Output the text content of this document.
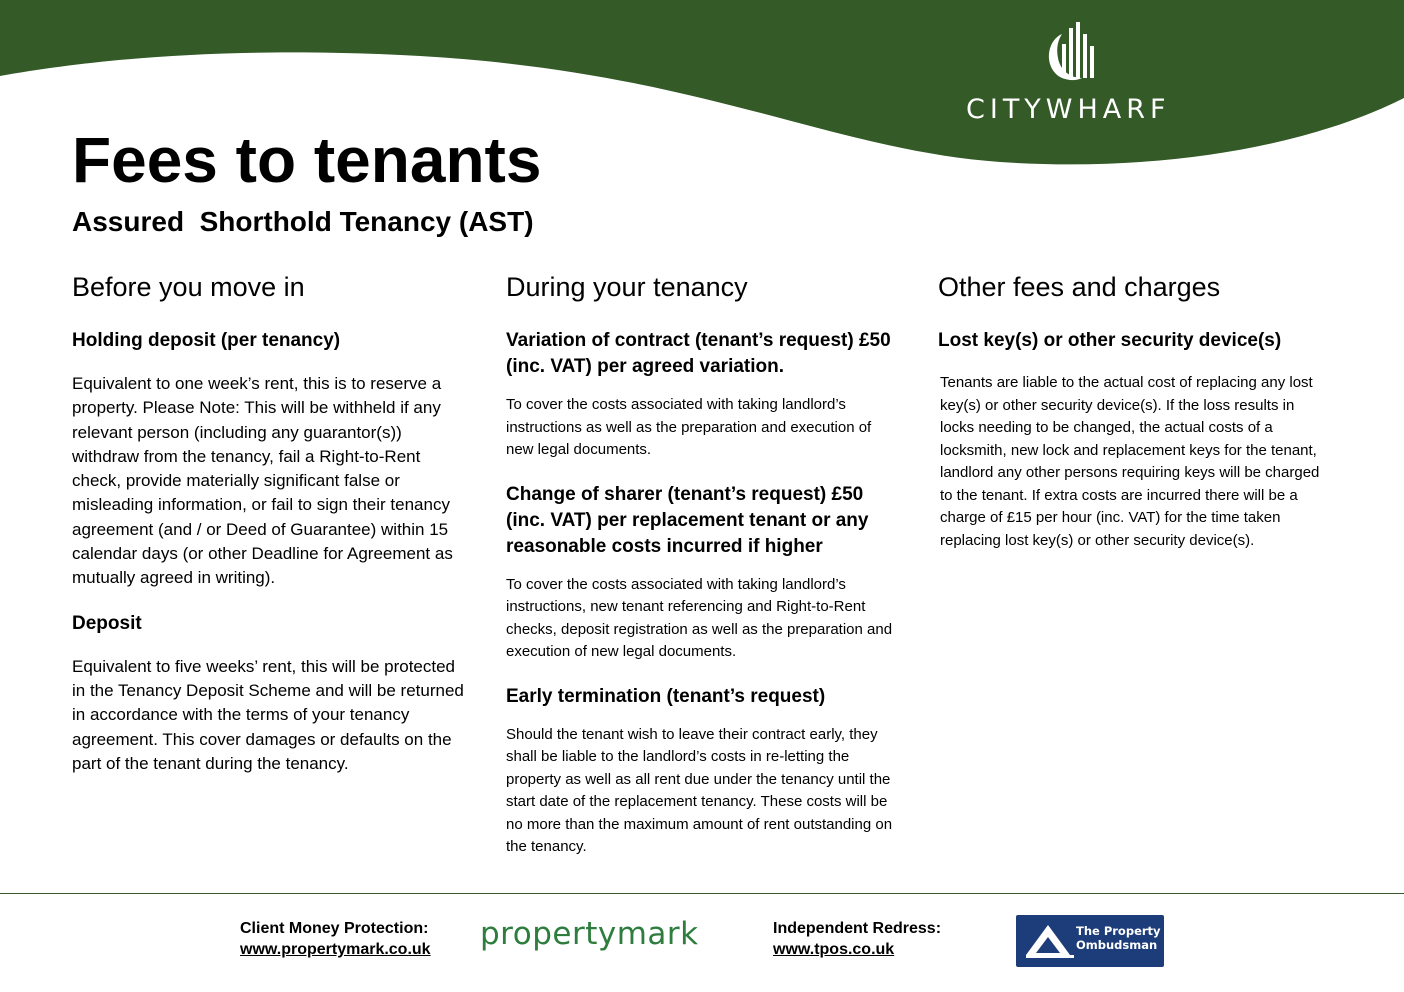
CITYWHARF
Fees to tenants
Assured  Shorthold Tenancy (AST)
Before you move in
Holding deposit (per tenancy)

Equivalent to one week’s rent, this is to reserve a property. Please Note: This will be withheld if any relevant person (including any guarantor(s)) withdraw from the tenancy, fail a Right-to-Rent check, provide materially significant false or misleading information, or fail to sign their tenancy agreement (and / or Deed of Guarantee) within 15 calendar days (or other Deadline for Agreement as mutually agreed in writing).

Deposit

Equivalent to five weeks’ rent, this will be protected in the Tenancy Deposit Scheme and will be returned in accordance with the terms of your tenancy agreement. This cover damages or defaults on the part of the tenant during the tenancy.

During your tenancy
Variation of contract (tenant’s request) £50 (inc. VAT) per agreed variation.

To cover the costs associated with taking landlord’s instructions as well as the preparation and execution of new legal documents.

Change of sharer (tenant’s request) £50 (inc. VAT) per replacement tenant or any reasonable costs incurred if higher

To cover the costs associated with taking landlord’s instructions, new tenant referencing and Right-to-Rent checks, deposit registration as well as the preparation and execution of new legal documents.

Early termination (tenant’s request)

Should the tenant wish to leave their contract early, they shall be liable to the landlord’s costs in re-letting the property as well as all rent due under the tenancy until the start date of the replacement tenancy. These costs will be no more than the maximum amount of rent outstanding on the tenancy.

Other fees and charges
Lost key(s) or other security device(s)

Tenants are liable to the actual cost of replacing any lost key(s) or other security device(s). If the loss results in locks needing to be changed, the actual costs of a locksmith, new lock and replacement keys for the tenant, landlord any other persons requiring keys will be charged to the tenant. If extra costs are incurred there will be a charge of £15 per hour (inc. VAT) for the time taken replacing lost key(s) or other security device(s).

Client Money Protection:
www.propertymark.co.uk propertymark	Independent Redress:
www.tpos.co.uk
The Property Ombudsman
